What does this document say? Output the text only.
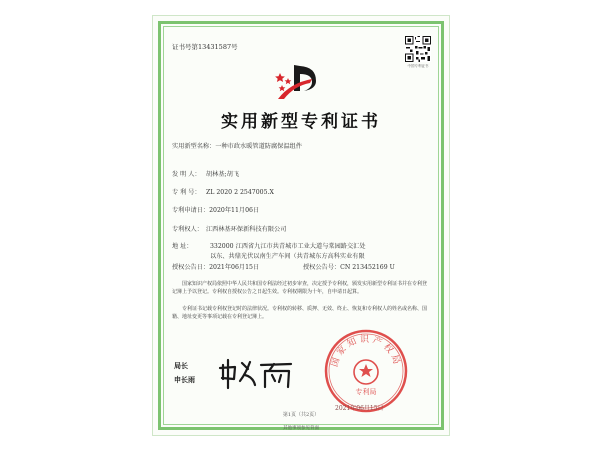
证书号第13431587号
中国专利证书
实用新型专利证书
实用新型名称：一种市政水暖管道防腐保温组件
发 明 人： 胡林基;胡飞
专 利 号： ZL 2020 2 2547005.X
专利申请日：2020年11月06日
专利权人： 江西林基环保新科技有限公司
地 址：	332000 江西省九江市共青城市工业大道与棠园路交汇处
以东、共鼎光伏以南生产车间（共青城东方高科实业有限
授权公告日：2021年06月15日	授权公告号：CN 213452169 U
国家知识产权局依照中华人民共和国专利法经过初步审查，决定授予专利权，颁发实用新型专利证书并在专利登记簿上予以登记。专利权自授权公告之日起生效。专利权期限为十年，自申请日起算。
专利证书记载专利权登记时的法律状况。专利权的转移、质押、无效、终止、恢复和专利权人的姓名或名称、国籍、地址变更等事项记载在专利登记簿上。
局长
申长雨
国家知识产权局
专利局
2021年06月15日
第1页（共2页）
其他事项参见背面
